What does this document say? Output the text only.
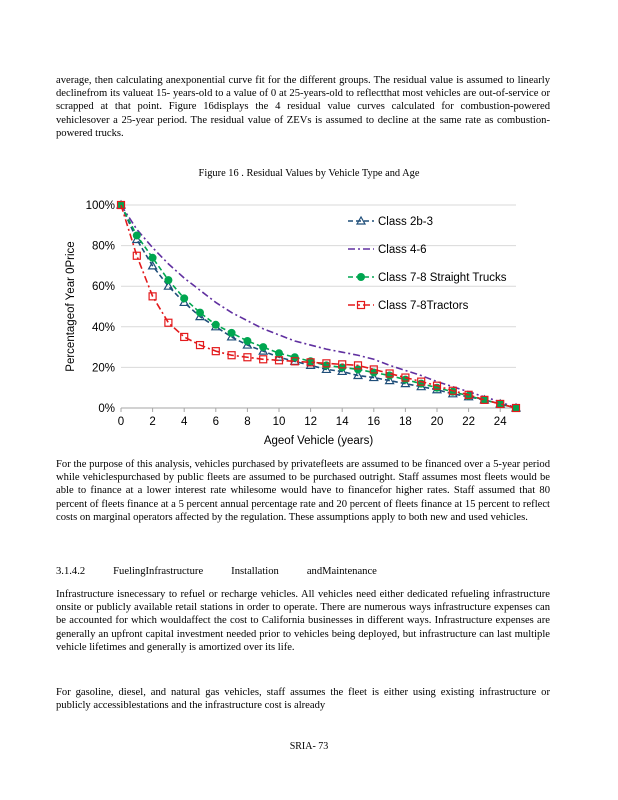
average, then calculating anexponential curve fit for the different groups. The residual value is assumed to linearly declinefrom its valueat 15- years-old to a value of 0 at 25-years-old to reflectthat most vehicles are out-of-service or scrapped at that point. Figure 16displays the 4 residual value curves calculated for combustion-powered vehiclesover a 25-year period. The residual value of ZEVs is assumed to decline at the same rate as combustion-powered trucks.

Figure 16 . Residual Values by Vehicle Type and Age
0%
20%
40%
60%
80%
100%
0 2 4 6 8 10 12 14 16 18 20 22 24
Ageof Vehicle (years)
Percentageof Year 0Price
Class 2b-3
Class 4-6
Class 7-8 Straight Trucks
Class 7-8Tractors

For the purpose of this analysis, vehicles purchased by privatefleets are assumed to be financed over a 5-year period while vehiclespurchased by public fleets are assumed to be purchased outright. Staff assumes most fleets would be able to finance at a lower interest rate whilesome would have to financefor higher rates. Staff assumed that 80 percent of fleets finance at a 5 percent annual percentage rate and 20 percent of fleets finance at 15 percent to reflect costs on marginal operators affected by the regulation. These assumptions apply to both new and used vehicles.

3.1.4.2	FuelingInfrastructure	Installation	andMaintenance

Infrastructure isnecessary to refuel or recharge vehicles. All vehicles need either dedicated refueling infrastructure onsite or publicly available retail stations in order to operate. There are numerous ways infrastructure expenses can be accounted for which wouldaffect the cost to California businesses in different ways. Infrastructure expenses are generally an upfront capital investment needed prior to vehicles being deployed, but infrastructure can last multiple vehicle lifetimes and generally is amortized over its life.

For gasoline, diesel, and natural gas vehicles, staff assumes the fleet is either using existing infrastructure or publicly accessiblestations and the infrastructure cost is already

SRIA- 73
